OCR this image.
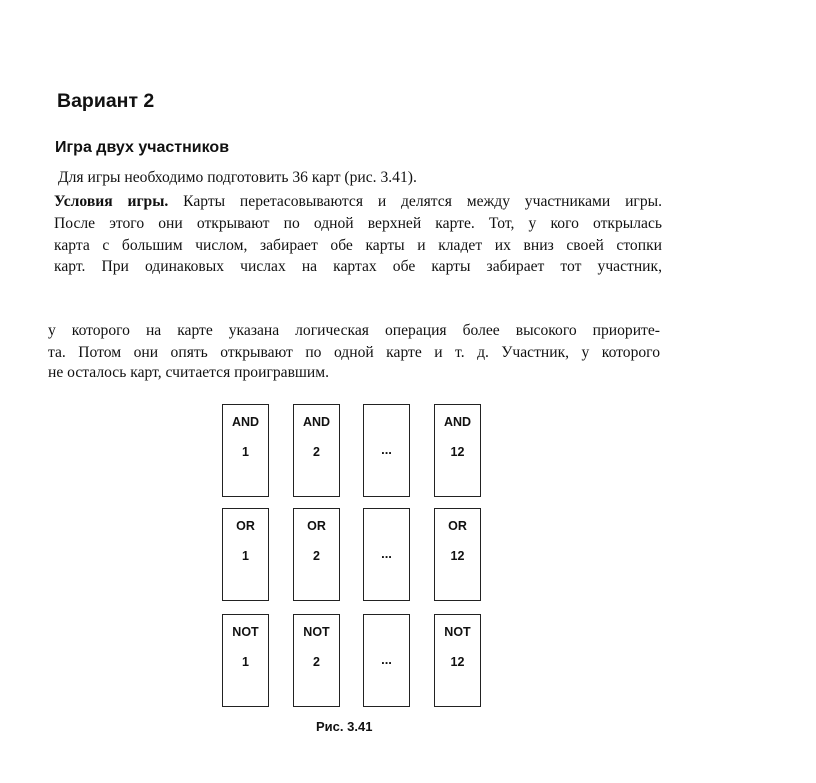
Вариант 2
Игра двух участников
Для игры необходимо подготовить 36 карт (рис. 3.41).
Условия игры. Карты перетасовываются и делятся между участниками игры.
После этого они открывают по одной верхней карте. Тот, у кого открылась
карта с большим числом, забирает обе карты и кладет их вниз своей стопки
карт. При одинаковых числах на картах обе карты забирает тот участник,
у которого на карте указана логическая операция более высокого приорите-
та. Потом они опять открывают по одной карте и т. д. Участник, у которого
не осталось карт, считается проигравшим.
AND
1
AND
2	...
AND
12
OR
1
OR
2	...
OR
12
NOT
1
NOT
2	...
NOT
12
Рис. 3.41
